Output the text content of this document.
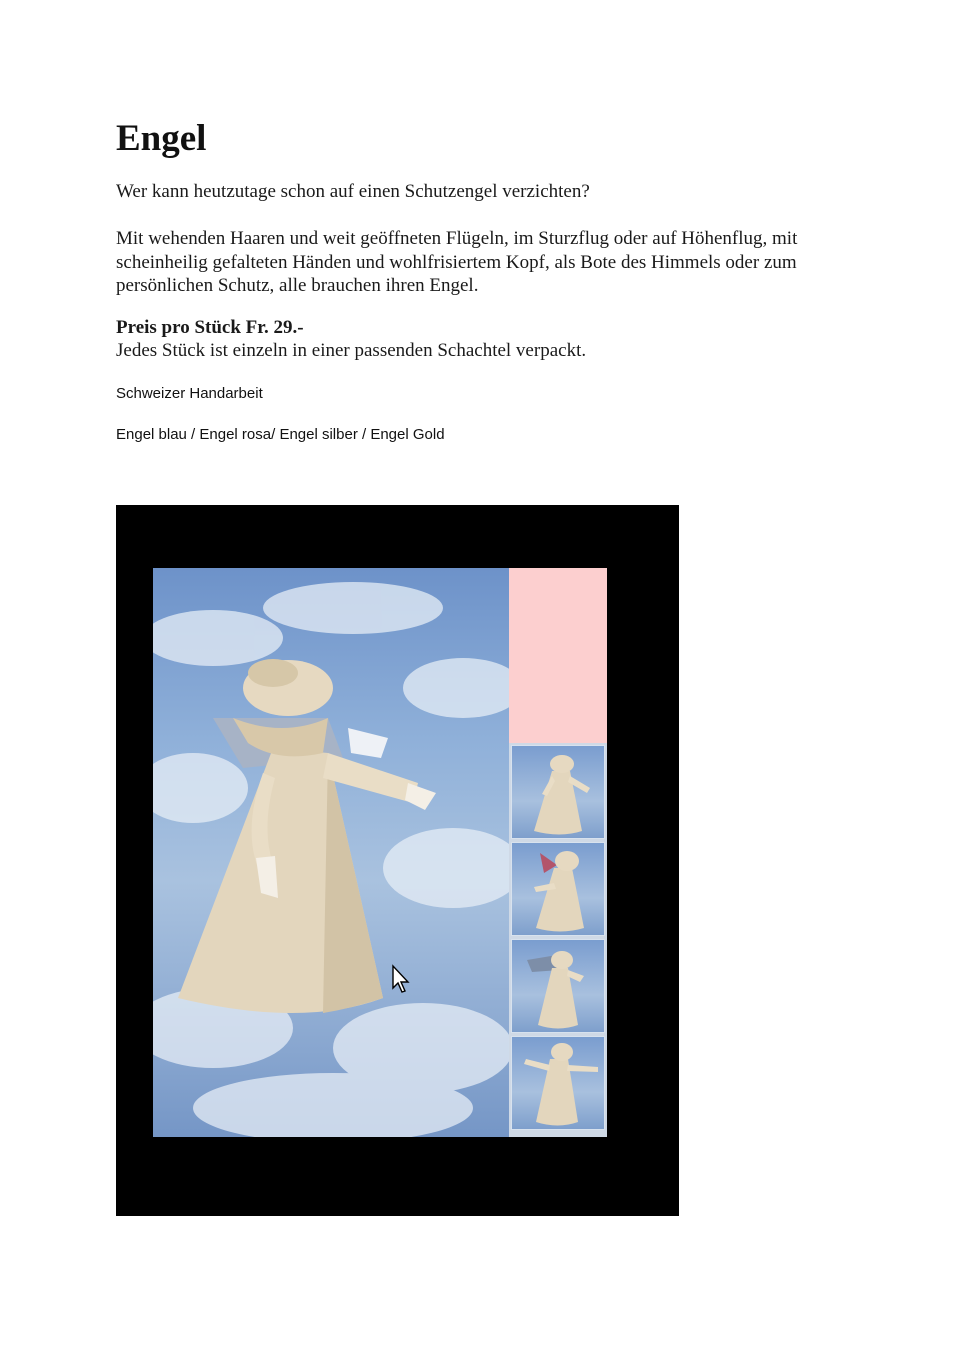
Engel

Wer kann heutzutage schon auf einen Schutzengel verzichten?

Mit wehenden Haaren und weit geöffneten Flügeln, im Sturzflug oder auf Höhenflug, mit scheinheilig gefalteten Händen und wohlfrisiertem Kopf, als Bote des Himmels oder zum persönlichen Schutz, alle brauchen ihren Engel.

Preis pro Stück Fr. 29.-

Jedes Stück ist einzeln in einer passenden Schachtel verpackt.

Schweizer Handarbeit

Engel blau / Engel rosa/ Engel silber / Engel Gold
